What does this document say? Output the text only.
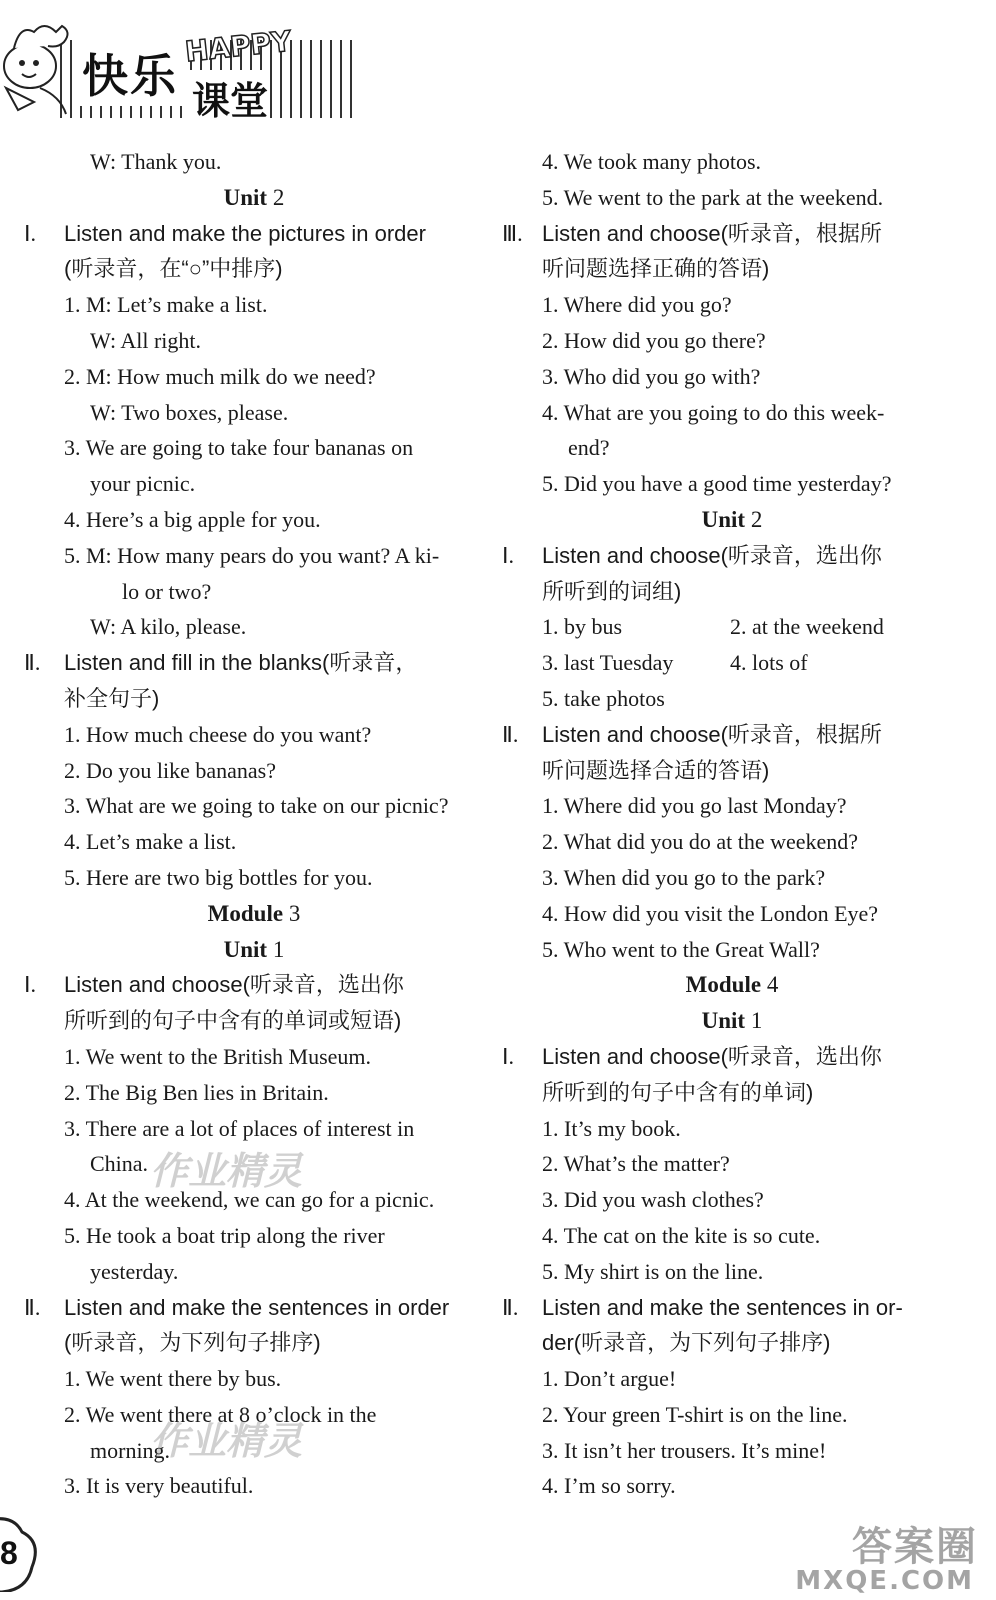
快乐
HAPPY
课堂
W: Thank you.
Unit 2
Ⅰ. Listen and make the pictures in order
(听录音，在“○”中排序)
1. M: Let’s make a list.
W: All right.
2. M: How much milk do we need?
W: Two boxes, please.
3. We are going to take four bananas on
your picnic.
4. Here’s a big apple for you.
5. M: How many pears do you want? A ki-
lo or two?
W: A kilo, please.
Ⅱ. Listen and fill in the blanks(听录音，
补全句子)
1. How much cheese do you want?
2. Do you like bananas?
3. What are we going to take on our picnic?
4. Let’s make a list.
5. Here are two big bottles for you.
Module 3
Unit 1
Ⅰ. Listen and choose(听录音，选出你
所听到的句子中含有的单词或短语)
1. We went to the British Museum.
2. The Big Ben lies in Britain.
3. There are a lot of places of interest in
China.
4. At the weekend, we can go for a picnic.
5. He took a boat trip along the river
yesterday.
Ⅱ. Listen and make the sentences in order
(听录音，为下列句子排序)
1. We went there by bus.
2. We went there at 8 o’clock in the
morning.
3. It is very beautiful.
4. We took many photos.
5. We went to the park at the weekend.
Ⅲ. Listen and choose(听录音，根据所
听问题选择正确的答语)
1. Where did you go?
2. How did you go there?
3. Who did you go with?
4. What are you going to do this week-
end?
5. Did you have a good time yesterday?
Unit 2
Ⅰ. Listen and choose(听录音，选出你
所听到的词组)
1. by bus	2. at the weekend
3. last Tuesday	4. lots of
5. take photos
Ⅱ. Listen and choose(听录音，根据所
听问题选择合适的答语)
1. Where did you go last Monday?
2. What did you do at the weekend?
3. When did you go to the park?
4. How did you visit the London Eye?
5. Who went to the Great Wall?
Module 4
Unit 1
Ⅰ. Listen and choose(听录音，选出你
所听到的句子中含有的单词)
1. It’s my book.
2. What’s the matter?
3. Did you wash clothes?
4. The cat on the kite is so cute.
5. My shirt is on the line.
Ⅱ. Listen and make the sentences in or-
der(听录音，为下列句子排序)
1. Don’t argue!
2. Your green T-shirt is on the line.
3. It isn’t her trousers. It’s mine!
4. I’m so sorry.
作业精灵
作业精灵
答案圈
MXQE.COM
8
